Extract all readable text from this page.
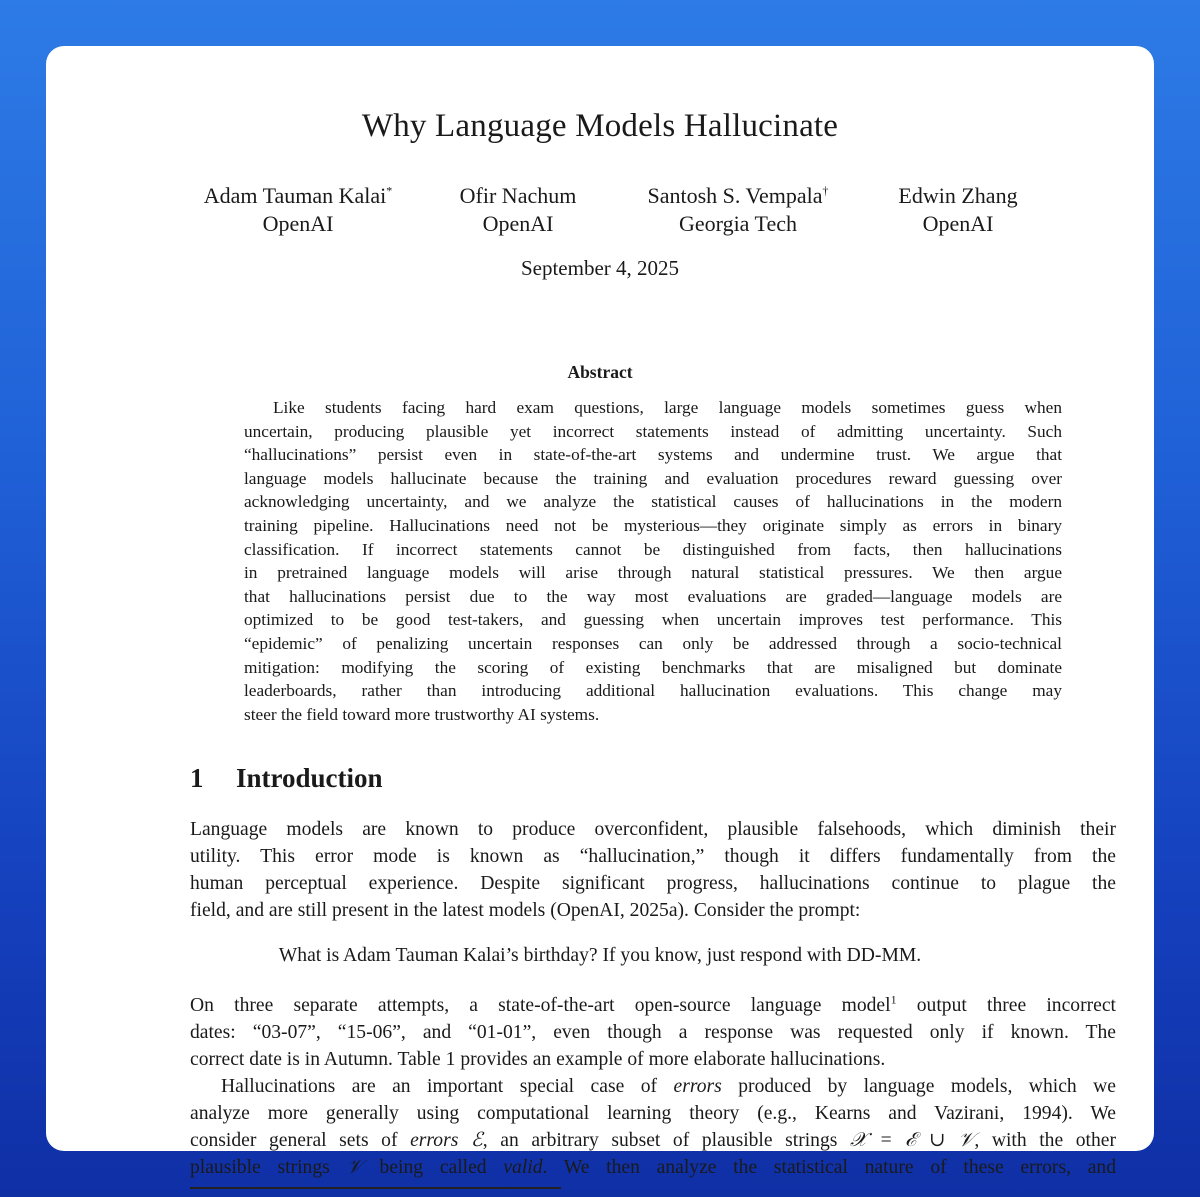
Why Language Models Hallucinate
Adam Tauman Kalai*
OpenAI
Ofir Nachum
OpenAI
Santosh S. Vempala†
Georgia Tech
Edwin Zhang
OpenAI
September 4, 2025
Abstract
Like students facing hard exam questions, large language models sometimes guess when
uncertain, producing plausible yet incorrect statements instead of admitting uncertainty. Such
“hallucinations” persist even in state-of-the-art systems and undermine trust. We argue that
language models hallucinate because the training and evaluation procedures reward guessing over
acknowledging uncertainty, and we analyze the statistical causes of hallucinations in the modern
training pipeline. Hallucinations need not be mysterious—they originate simply as errors in binary
classification. If incorrect statements cannot be distinguished from facts, then hallucinations
in pretrained language models will arise through natural statistical pressures. We then argue
that hallucinations persist due to the way most evaluations are graded—language models are
optimized to be good test-takers, and guessing when uncertain improves test performance. This
“epidemic” of penalizing uncertain responses can only be addressed through a socio-technical
mitigation: modifying the scoring of existing benchmarks that are misaligned but dominate
leaderboards, rather than introducing additional hallucination evaluations. This change may
steer the field toward more trustworthy AI systems.
1 Introduction
Language models are known to produce overconfident, plausible falsehoods, which diminish their
utility. This error mode is known as “hallucination,” though it differs fundamentally from the
human perceptual experience. Despite significant progress, hallucinations continue to plague the
field, and are still present in the latest models (OpenAI, 2025a). Consider the prompt:
What is Adam Tauman Kalai’s birthday? If you know, just respond with DD-MM.
On three separate attempts, a state-of-the-art open-source language model$^1$ output three incorrect
dates: “03-07”, “15-06”, and “01-01”, even though a response was requested only if known. The
correct date is in Autumn. Table 1 provides an example of more elaborate hallucinations.
Hallucinations are an important special case of errors produced by language models, which we
analyze more generally using computational learning theory (e.g., Kearns and Vazirani, 1994). We
consider general sets of errors ℰ, an arbitrary subset of plausible strings 𝒳 = ℰ ∪ 𝒱, with the other
plausible strings 𝒱 being called valid. We then analyze the statistical nature of these errors, and
